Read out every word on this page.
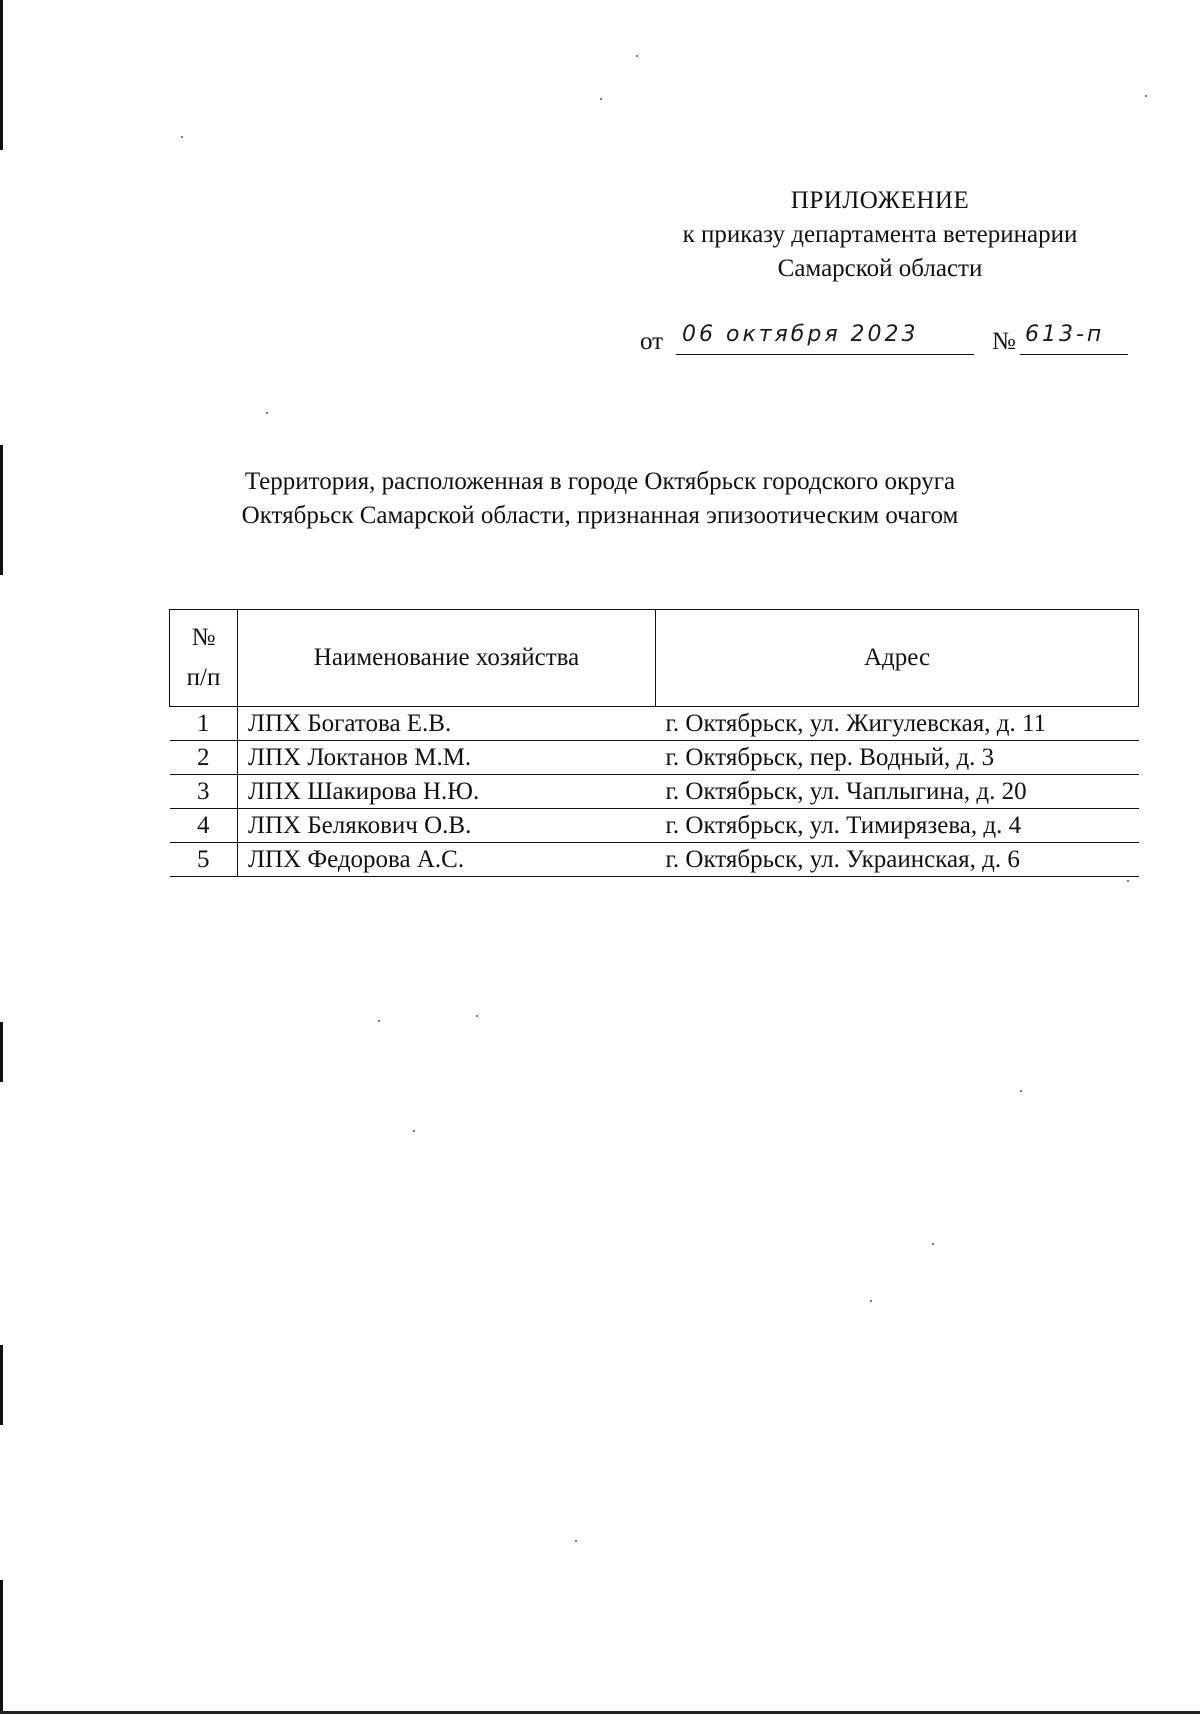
ПРИЛОЖЕНИЕ
к приказу департамента ветеринарии
Самарской области
от 06 октября 2023	№ 613-п
Территория, расположенная в городе Октябрьск городского округа
Октябрьск Самарской области, признанная эпизоотическим очагом
№
п/п	Наименование хозяйства	Адрес
1	ЛПХ Богатова Е.В.	г. Октябрьск, ул. Жигулевская, д. 11
2	ЛПХ Локтанов М.М.	г. Октябрьск, пер. Водный, д. 3
3	ЛПХ Шакирова Н.Ю.	г. Октябрьск, ул. Чаплыгина, д. 20
4	ЛПХ Белякович О.В.	г. Октябрьск, ул. Тимирязева, д. 4
5	ЛПХ Федорова А.С.	г. Октябрьск, ул. Украинская, д. 6
